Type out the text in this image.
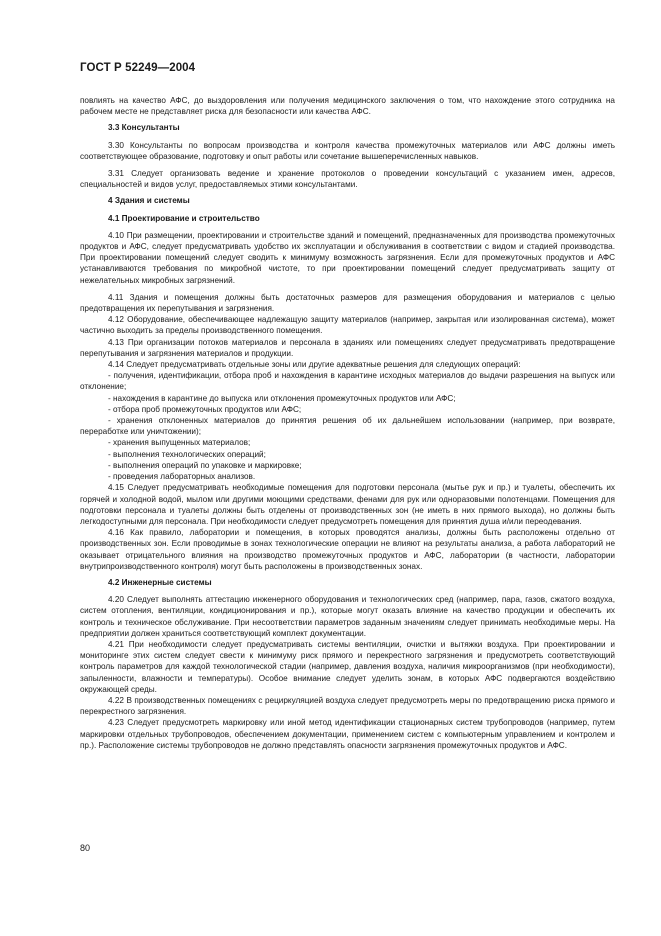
ГОСТ Р 52249—2004

повлиять на качество АФС, до выздоровления или получения медицинского заключения о том, что нахождение этого сотрудника на рабочем месте не представляет риска для безопасности или качества АФС.

3.3 Консультанты

3.30 Консультанты по вопросам производства и контроля качества промежуточных материалов или АФС должны иметь соответствующее образование, подготовку и опыт работы или сочетание вышеперечисленных навыков.

3.31 Следует организовать ведение и хранение протоколов о проведении консультаций с указанием имен, адресов, специальностей и видов услуг, предоставляемых этими консультантами.

4 Здания и системы

4.1 Проектирование и строительство

4.10 При размещении, проектировании и строительстве зданий и помещений, предназначенных для производства промежуточных продуктов и АФС, следует предусматривать удобство их эксплуатации и обслуживания в соответствии с видом и стадией производства. При проектировании помещений следует сводить к минимуму возможность загрязнения. Если для промежуточных продуктов и АФС устанавливаются требования по микробной чистоте, то при проектировании помещений следует предусматривать защиту от нежелательных микробных загрязнений.

4.11 Здания и помещения должны быть достаточных размеров для размещения оборудования и материалов с целью предотвращения их перепутывания и загрязнения.

4.12 Оборудование, обеспечивающее надлежащую защиту материалов (например, закрытая или изолированная система), может частично выходить за пределы производственного помещения.

4.13 При организации потоков материалов и персонала в зданиях или помещениях следует предусматривать предотвращение перепутывания и загрязнения материалов и продукции.

4.14 Следует предусматривать отдельные зоны или другие адекватные решения для следующих операций:

- получения, идентификации, отбора проб и нахождения в карантине исходных материалов до выдачи разрешения на выпуск или отклонение;

- нахождения в карантине до выпуска или отклонения промежуточных продуктов или АФС;

- отбора проб промежуточных продуктов или АФС;

- хранения отклоненных материалов до принятия решения об их дальнейшем использовании (например, при возврате, переработке или уничтожении);

- хранения выпущенных материалов;

- выполнения технологических операций;

- выполнения операций по упаковке и маркировке;

- проведения лабораторных анализов.

4.15 Следует предусматривать необходимые помещения для подготовки персонала (мытье рук и пр.) и туалеты, обеспечить их горячей и холодной водой, мылом или другими моющими средствами, фенами для рук или одноразовыми полотенцами. Помещения для подготовки персонала и туалеты должны быть отделены от производственных зон (не иметь в них прямого выхода), но должны быть легкодоступными для персонала. При необходимости следует предусмотреть помещения для принятия душа и/или переодевания.

4.16 Как правило, лаборатории и помещения, в которых проводятся анализы, должны быть расположены отдельно от производственных зон. Если проводимые в зонах технологические операции не влияют на результаты анализа, а работа лабораторий не оказывает отрицательного влияния на производство промежуточных продуктов и АФС, лаборатории (в частности, лаборатории внутрипроизводственного контроля) могут быть расположены в производственных зонах.

4.2 Инженерные системы

4.20 Следует выполнять аттестацию инженерного оборудования и технологических сред (например, пара, газов, сжатого воздуха, систем отопления, вентиляции, кондиционирования и пр.), которые могут оказать влияние на качество продукции и обеспечить их контроль и техническое обслуживание. При несоответствии параметров заданным значениям следует принимать необходимые меры. На предприятии должен храниться соответствующий комплект документации.

4.21 При необходимости следует предусматривать системы вентиляции, очистки и вытяжки воздуха. При проектировании и мониторинге этих систем следует свести к минимуму риск прямого и перекрестного загрязнения и предусмотреть соответствующий контроль параметров для каждой технологической стадии (например, давления воздуха, наличия микроорганизмов (при необходимости), запыленности, влажности и температуры). Особое внимание следует уделить зонам, в которых АФС подвергаются воздействию окружающей среды.

4.22 В производственных помещениях с рециркуляцией воздуха следует предусмотреть меры по предотвращению риска прямого и перекрестного загрязнения.

4.23 Следует предусмотреть маркировку или иной метод идентификации стационарных систем трубопроводов (например, путем маркировки отдельных трубопроводов, обеспечением документации, применением систем с компьютерным управлением и контролем и пр.). Расположение системы трубопроводов не должно представлять опасности загрязнения промежуточных продуктов и АФС.

80
